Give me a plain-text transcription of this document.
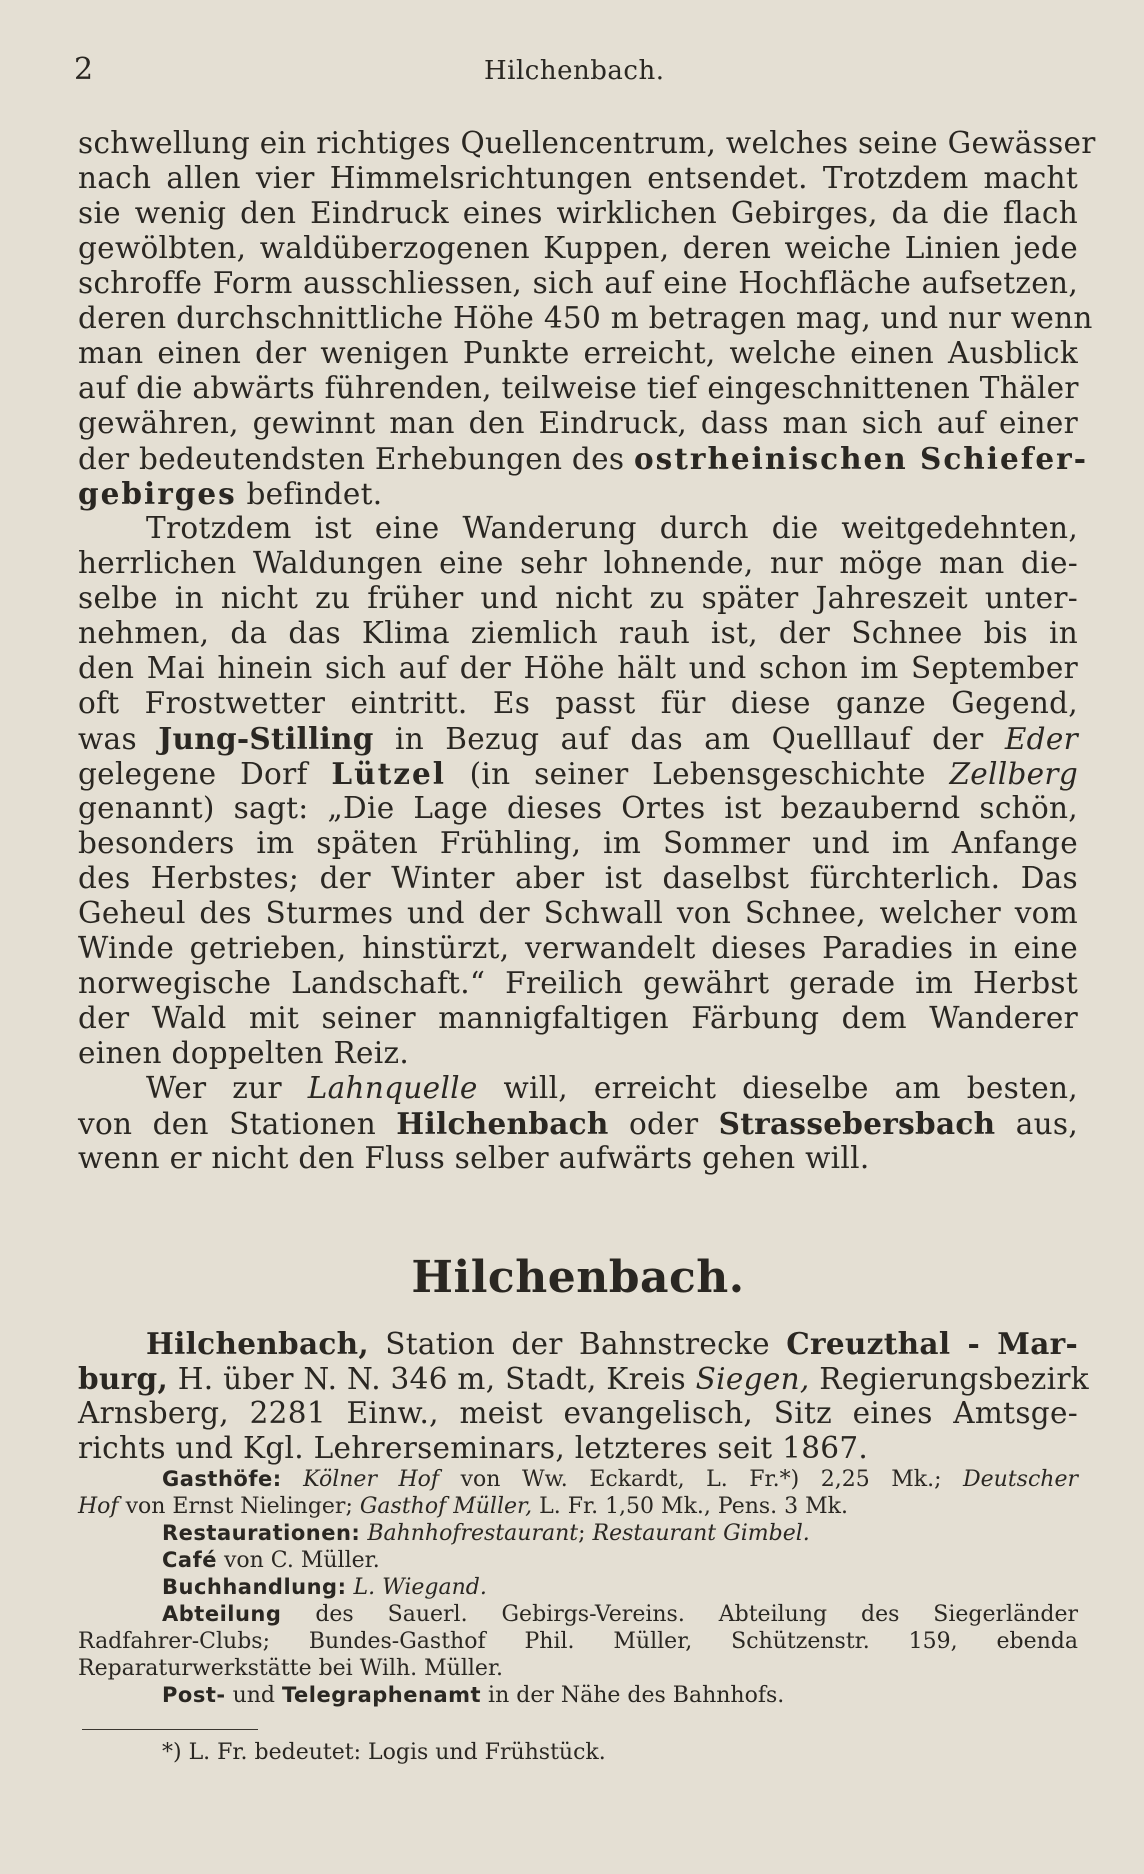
2	Hilchenbach.
schwellung ein richtiges Quellencentrum, welches seine Gewässer
nach allen vier Himmelsrichtungen entsendet. Trotzdem macht
sie wenig den Eindruck eines wirklichen Gebirges, da die flach
gewölbten, waldüberzogenen Kuppen, deren weiche Linien jede
schroffe Form ausschliessen, sich auf eine Hochfläche aufsetzen,
deren durchschnittliche Höhe 450 m betragen mag, und nur wenn
man einen der wenigen Punkte erreicht, welche einen Ausblick
auf die abwärts führenden, teilweise tief eingeschnittenen Thäler
gewähren, gewinnt man den Eindruck, dass man sich auf einer
der bedeutendsten Erhebungen des ostrheinischen Schiefer-
gebirges befindet.
Trotzdem ist eine Wanderung durch die weitgedehnten,
herrlichen Waldungen eine sehr lohnende, nur möge man die-
selbe in nicht zu früher und nicht zu später Jahreszeit unter-
nehmen, da das Klima ziemlich rauh ist, der Schnee bis in
den Mai hinein sich auf der Höhe hält und schon im September
oft Frostwetter eintritt. Es passt für diese ganze Gegend,
was Jung-Stilling in Bezug auf das am Quelllauf der Eder
gelegene Dorf Lützel (in seiner Lebensgeschichte Zellberg
genannt) sagt: „Die Lage dieses Ortes ist bezaubernd schön,
besonders im späten Frühling, im Sommer und im Anfange
des Herbstes; der Winter aber ist daselbst fürchterlich. Das
Geheul des Sturmes und der Schwall von Schnee, welcher vom
Winde getrieben, hinstürzt, verwandelt dieses Paradies in eine
norwegische Landschaft.“ Freilich gewährt gerade im Herbst
der Wald mit seiner mannigfaltigen Färbung dem Wanderer
einen doppelten Reiz.
Wer zur Lahnquelle will, erreicht dieselbe am besten,
von den Stationen Hilchenbach oder Strassebersbach aus,
wenn er nicht den Fluss selber aufwärts gehen will.
Hilchenbach.
Hilchenbach, Station der Bahnstrecke Creuzthal - Mar-
burg, H. über N. N. 346 m, Stadt, Kreis Siegen, Regierungsbezirk
Arnsberg, 2281 Einw., meist evangelisch, Sitz eines Amtsge-
richts und Kgl. Lehrerseminars, letzteres seit 1867.
Gasthöfe: Kölner Hof von Ww. Eckardt, L. Fr.*) 2,25 Mk.; Deutscher
Hof von Ernst Nielinger; Gasthof Müller, L. Fr. 1,50 Mk., Pens. 3 Mk.
Restaurationen: Bahnhofrestaurant; Restaurant Gimbel.
Café von C. Müller.
Buchhandlung: L. Wiegand.
Abteilung des Sauerl. Gebirgs-Vereins. Abteilung des Siegerländer
Radfahrer-Clubs; Bundes-Gasthof Phil. Müller, Schützenstr. 159, ebenda
Reparaturwerkstätte bei Wilh. Müller.
Post- und Telegraphenamt in der Nähe des Bahnhofs.
*) L. Fr. bedeutet: Logis und Frühstück.
